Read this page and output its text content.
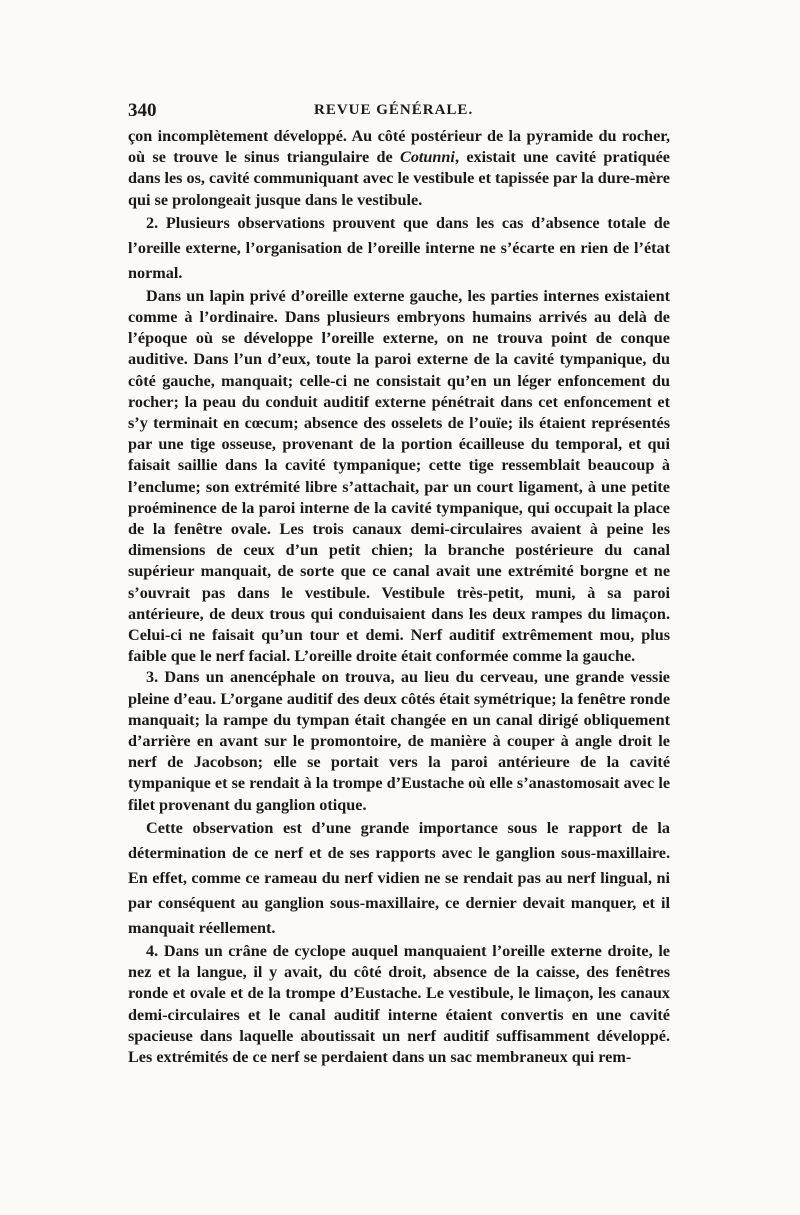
340	REVUE GÉNÉRALE.

çon incomplètement développé. Au côté postérieur de la pyramide du rocher, où se trouve le sinus triangulaire de Cotunni, existait une cavité pratiquée dans les os, cavité communiquant avec le vestibule et tapissée par la dure-mère qui se prolongeait jusque dans le vestibule.

2. Plusieurs observations prouvent que dans les cas d’absence totale de l’oreille externe, l’organisation de l’oreille interne ne s’écarte en rien de l’état normal.

Dans un lapin privé d’oreille externe gauche, les parties internes existaient comme à l’ordinaire. Dans plusieurs embryons humains arrivés au delà de l’époque où se développe l’oreille externe, on ne trouva point de conque auditive. Dans l’un d’eux, toute la paroi externe de la cavité tympanique, du côté gauche, manquait; celle-ci ne consistait qu’en un léger enfoncement du rocher; la peau du conduit auditif externe pénétrait dans cet enfoncement et s’y terminait en cœcum; absence des osselets de l’ouïe; ils étaient représentés par une tige osseuse, provenant de la portion écailleuse du temporal, et qui faisait saillie dans la cavité tympanique; cette tige ressemblait beaucoup à l’enclume; son extrémité libre s’attachait, par un court ligament, à une petite proéminence de la paroi interne de la cavité tympanique, qui occupait la place de la fenêtre ovale. Les trois canaux demi-circulaires avaient à peine les dimensions de ceux d’un petit chien; la branche postérieure du canal supérieur manquait, de sorte que ce canal avait une extrémité borgne et ne s’ouvrait pas dans le vestibule. Vestibule très-petit, muni, à sa paroi antérieure, de deux trous qui conduisaient dans les deux rampes du limaçon. Celui-ci ne faisait qu’un tour et demi. Nerf auditif extrêmement mou, plus faible que le nerf facial. L’oreille droite était conformée comme la gauche.

3. Dans un anencéphale on trouva, au lieu du cerveau, une grande vessie pleine d’eau. L’organe auditif des deux côtés était symétrique; la fenêtre ronde manquait; la rampe du tympan était changée en un canal dirigé obliquement d’arrière en avant sur le promontoire, de manière à couper à angle droit le nerf de Jacobson; elle se portait vers la paroi antérieure de la cavité tympanique et se rendait à la trompe d’Eustache où elle s’anastomosait avec le filet provenant du ganglion otique.

Cette observation est d’une grande importance sous le rapport de la détermination de ce nerf et de ses rapports avec le ganglion sous-maxillaire. En effet, comme ce rameau du nerf vidien ne se rendait pas au nerf lingual, ni par conséquent au ganglion sous-maxillaire, ce dernier devait manquer, et il manquait réellement.

4. Dans un crâne de cyclope auquel manquaient l’oreille externe droite, le nez et la langue, il y avait, du côté droit, absence de la caisse, des fenêtres ronde et ovale et de la trompe d’Eustache. Le vestibule, le limaçon, les canaux demi-circulaires et le canal auditif interne étaient convertis en une cavité spacieuse dans laquelle aboutissait un nerf auditif suffisamment développé. Les extrémités de ce nerf se perdaient dans un sac membraneux qui rem-
